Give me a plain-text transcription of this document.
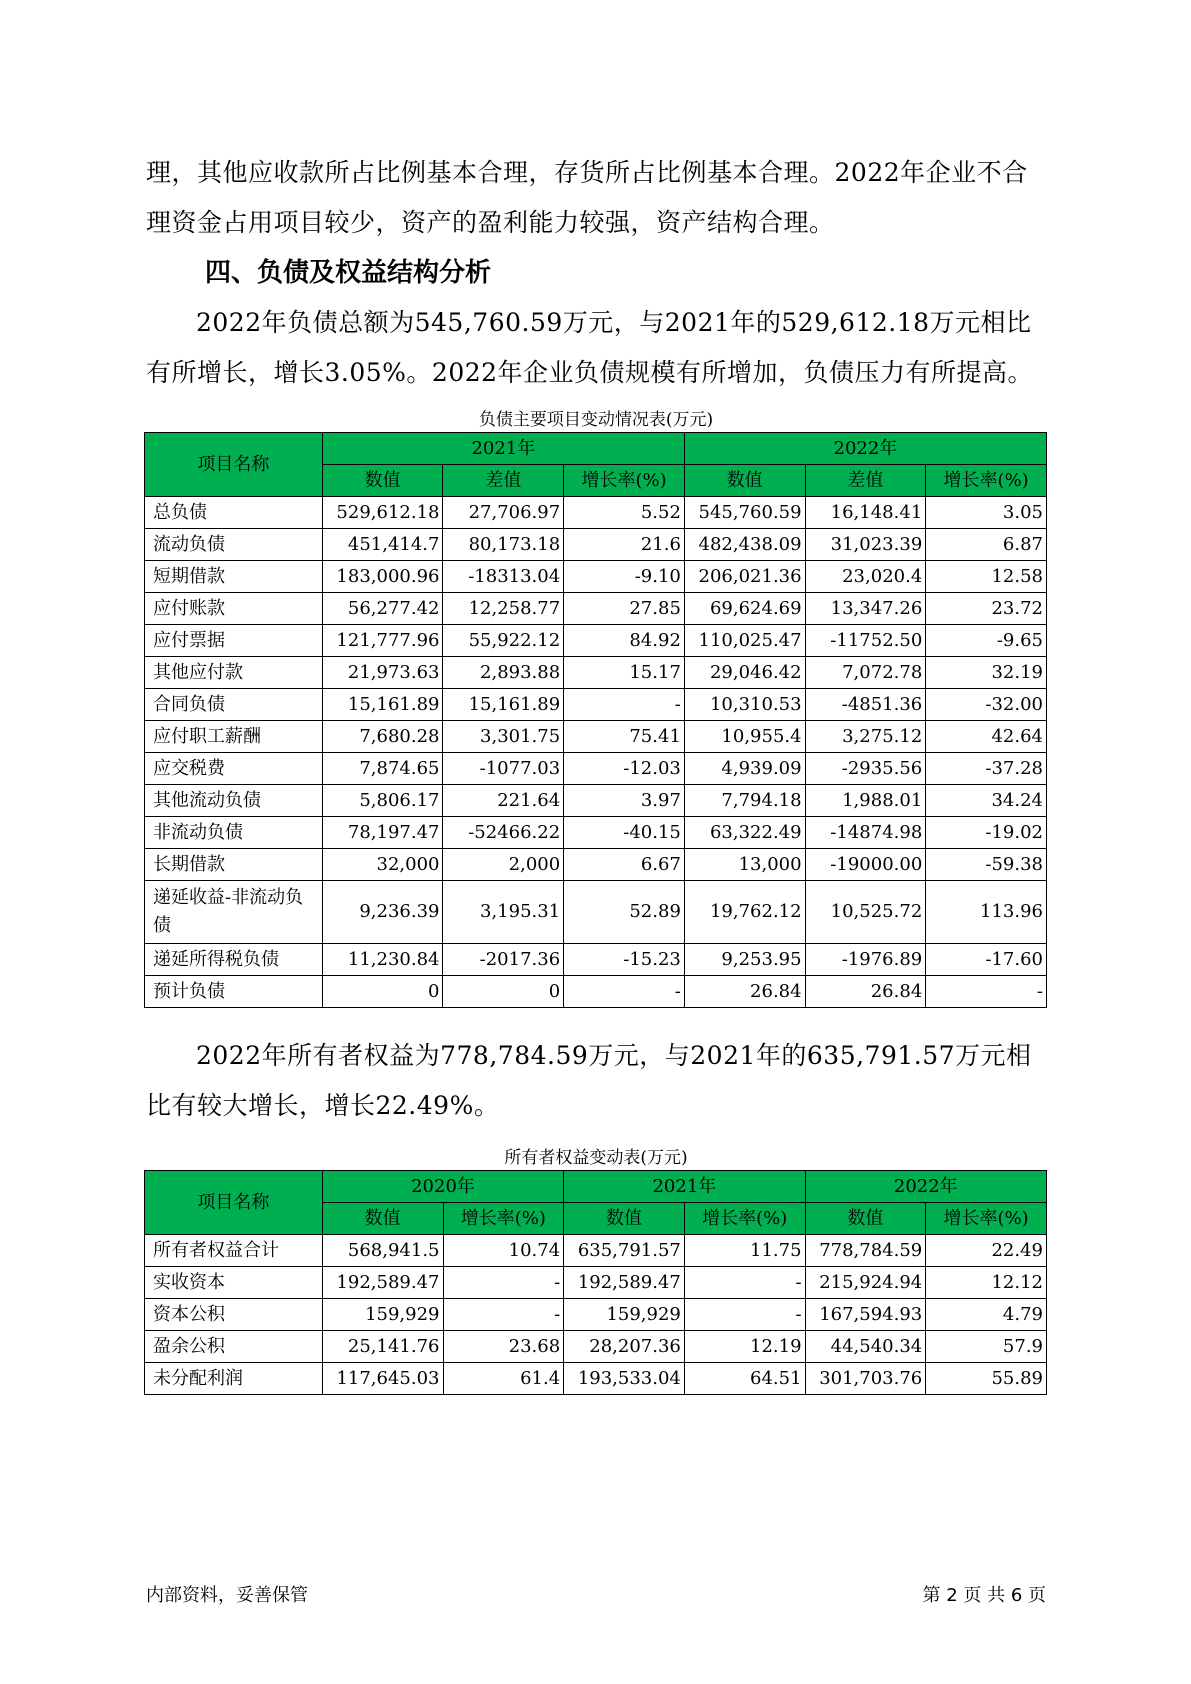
理，其他应收款所占比例基本合理，存货所占比例基本合理。2022年企业不合理资金占用项目较少，资产的盈利能力较强，资产结构合理。

四、负债及权益结构分析

2022年负债总额为545,760.59万元，与2021年的529,612.18万元相比有所增长，增长3.05%。2022年企业负债规模有所增加，负债压力有所提高。

负债主要项目变动情况表(万元)

项目名称	2021年			2022年		
	数值	差值	增长率(%)	数值	差值	增长率(%)
总负债	529,612.18	27,706.97	5.52	545,760.59	16,148.41	3.05
流动负债	451,414.7	80,173.18	21.6	482,438.09	31,023.39	6.87
短期借款	183,000.96	-18313.04	-9.10	206,021.36	23,020.4	12.58
应付账款	56,277.42	12,258.77	27.85	69,624.69	13,347.26	23.72
应付票据	121,777.96	55,922.12	84.92	110,025.47	-11752.50	-9.65
其他应付款	21,973.63	2,893.88	15.17	29,046.42	7,072.78	32.19
合同负债	15,161.89	15,161.89	-	10,310.53	-4851.36	-32.00
应付职工薪酬	7,680.28	3,301.75	75.41	10,955.4	3,275.12	42.64
应交税费	7,874.65	-1077.03	-12.03	4,939.09	-2935.56	-37.28
其他流动负债	5,806.17	221.64	3.97	7,794.18	1,988.01	34.24
非流动负债	78,197.47	-52466.22	-40.15	63,322.49	-14874.98	-19.02
长期借款	32,000	2,000	6.67	13,000	-19000.00	-59.38
递延收益-非流动负债	9,236.39	3,195.31	52.89	19,762.12	10,525.72	113.96
递延所得税负债	11,230.84	-2017.36	-15.23	9,253.95	-1976.89	-17.60
预计负债	0	0	-	26.84	26.84	-

2022年所有者权益为778,784.59万元，与2021年的635,791.57万元相比有较大增长，增长22.49%。

所有者权益变动表(万元)

项目名称	2020年		2021年		2022年	
	数值	增长率(%)	数值	增长率(%)	数值	增长率(%)
所有者权益合计	568,941.5	10.74	635,791.57	11.75	778,784.59	22.49
实收资本	192,589.47	-	192,589.47	-	215,924.94	12.12
资本公积	159,929	-	159,929	-	167,594.93	4.79
盈余公积	25,141.76	23.68	28,207.36	12.19	44,540.34	57.9
未分配利润	117,645.03	61.4	193,533.04	64.51	301,703.76	55.89
内部资料，妥善保管	第 2 页 共 6 页
